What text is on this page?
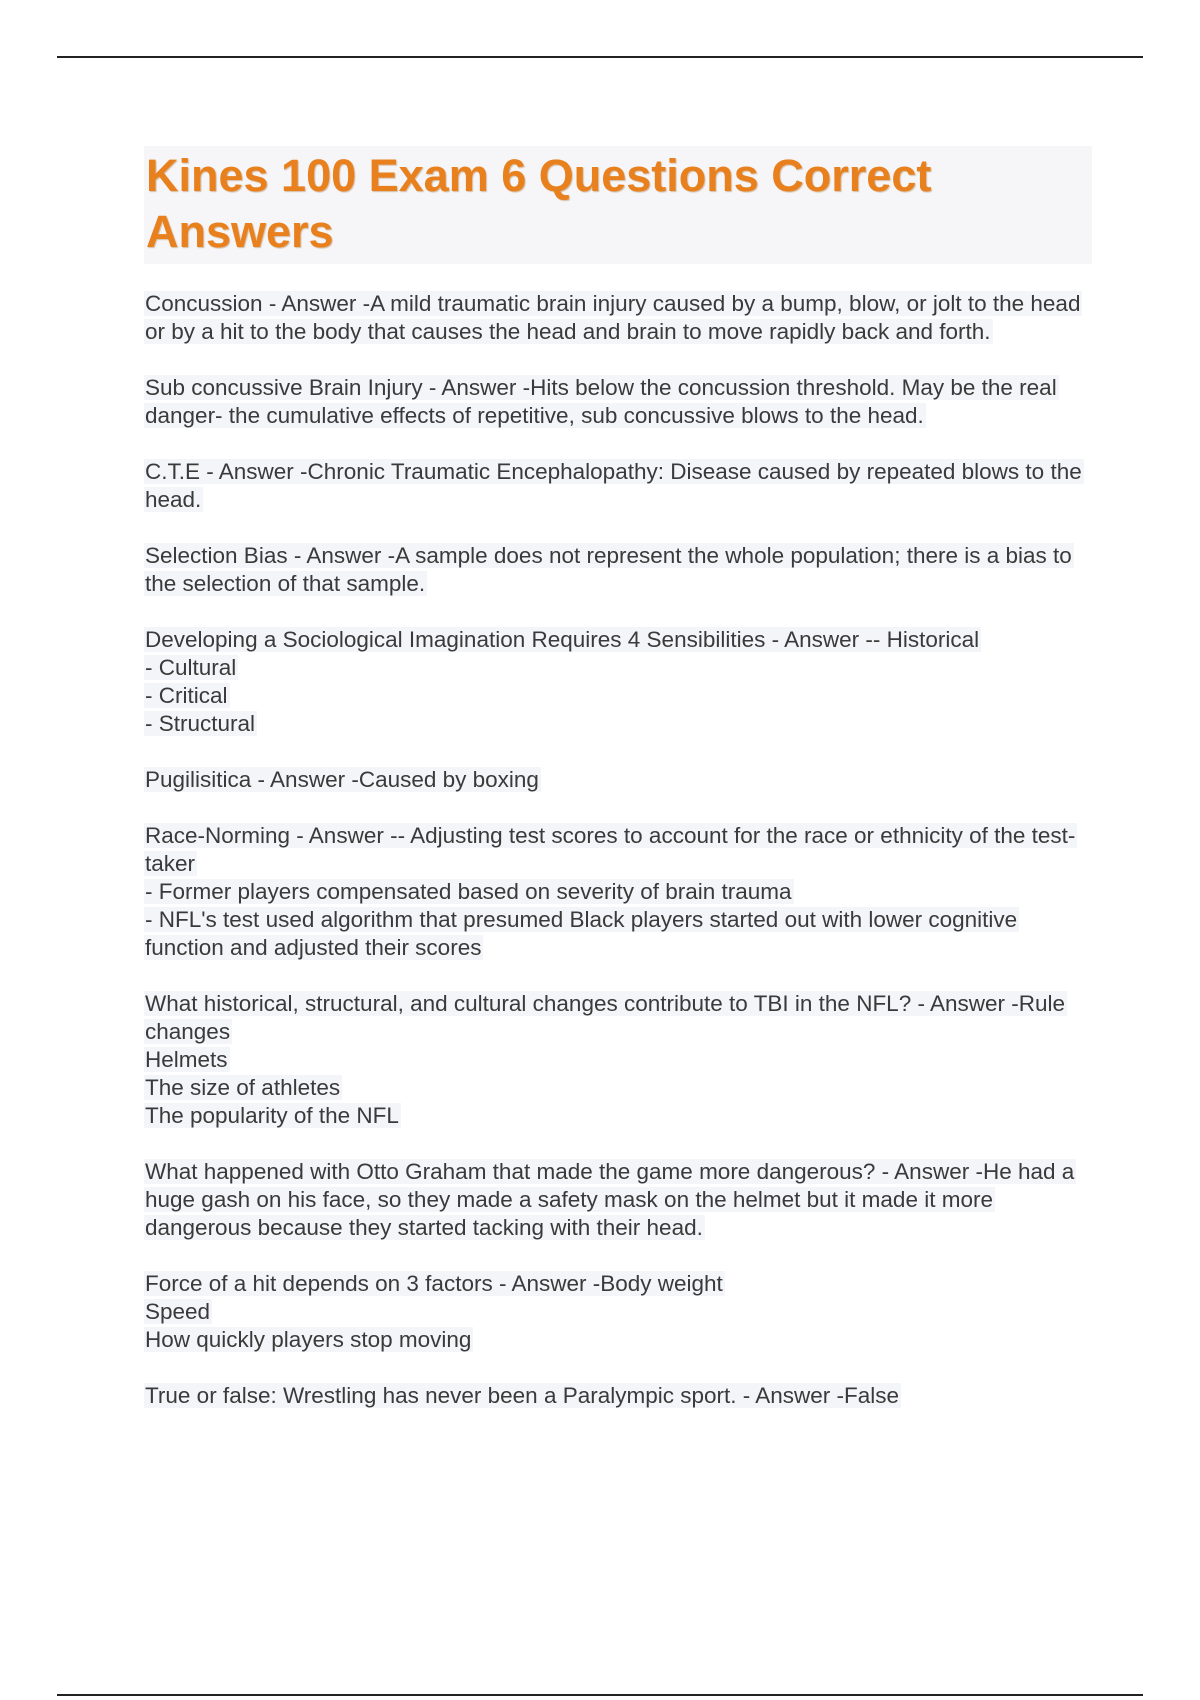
Kines 100 Exam 6 Questions Correct Answers

Concussion - Answer -A mild traumatic brain injury caused by a bump, blow, or jolt to the head or by a hit to the body that causes the head and brain to move rapidly back and forth.

Sub concussive Brain Injury - Answer -Hits below the concussion threshold. May be the real danger- the cumulative effects of repetitive, sub concussive blows to the head.

C.T.E - Answer -Chronic Traumatic Encephalopathy: Disease caused by repeated blows to the head.

Selection Bias - Answer -A sample does not represent the whole population; there is a bias to the selection of that sample.

Developing a Sociological Imagination Requires 4 Sensibilities - Answer -- Historical
- Cultural
- Critical
- Structural

Pugilisitica - Answer -Caused by boxing

Race-Norming - Answer -- Adjusting test scores to account for the race or ethnicity of the test-taker
- Former players compensated based on severity of brain trauma
- NFL's test used algorithm that presumed Black players started out with lower cognitive function and adjusted their scores

What historical, structural, and cultural changes contribute to TBI in the NFL? - Answer -Rule changes
Helmets
The size of athletes
The popularity of the NFL

What happened with Otto Graham that made the game more dangerous? - Answer -He had a huge gash on his face, so they made a safety mask on the helmet but it made it more dangerous because they started tacking with their head.

Force of a hit depends on 3 factors - Answer -Body weight
Speed
How quickly players stop moving

True or false: Wrestling has never been a Paralympic sport. - Answer -False
